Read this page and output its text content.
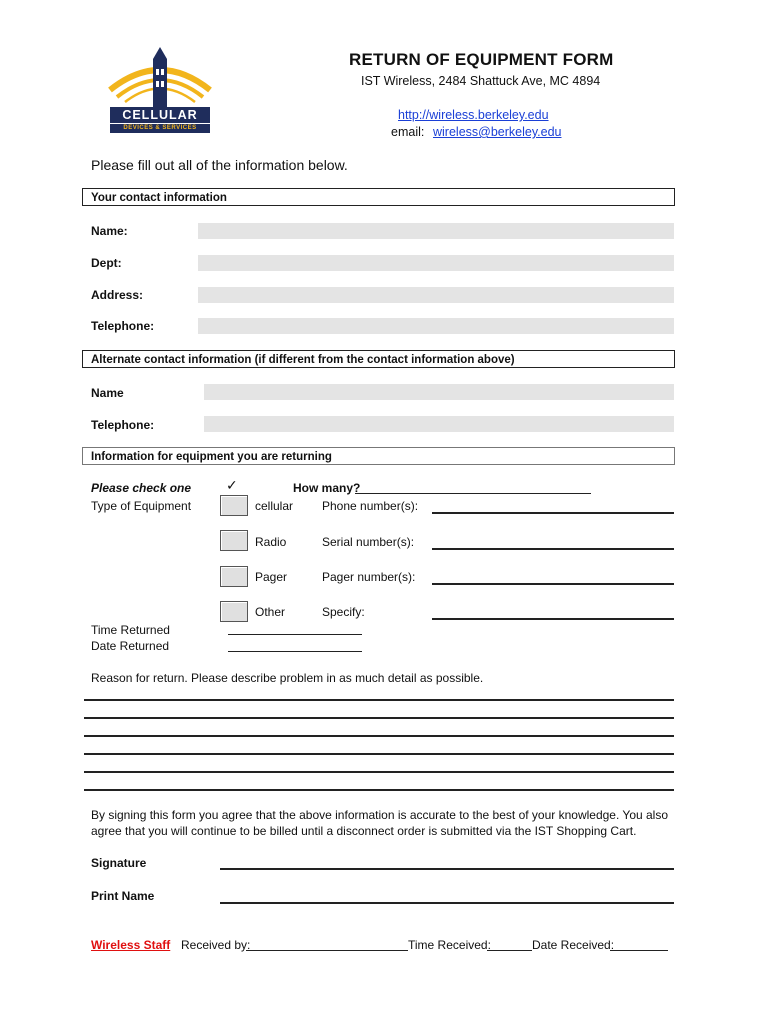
CELLULAR
DEVICES & SERVICES
RETURN OF EQUIPMENT FORM
IST Wireless, 2484 Shattuck Ave, MC 4894
http://wireless.berkeley.edu
email: wireless@berkeley.edu
Please fill out all of the information below.
Your contact information
Name:
Dept:
Address:
Telephone:
Alternate contact information (if different from the contact information above)
Name
Telephone:
Information for equipment you are returning
Please check one ✓	How many?
Type of Equipment	cellular Phone number(s):
Radio	Serial number(s):
Pager	Pager number(s):
Other	Specify:
Time Returned
Date Returned
Reason for return. Please describe problem in as much detail as possible.
By signing this form you agree that the above information is accurate to the best of your knowledge. You also
agree that you will continue to be billed until a disconnect order is submitted via the IST Shopping Cart.
Signature
Print Name
Wireless Staff Received by:	Time Received:	Date Received:
